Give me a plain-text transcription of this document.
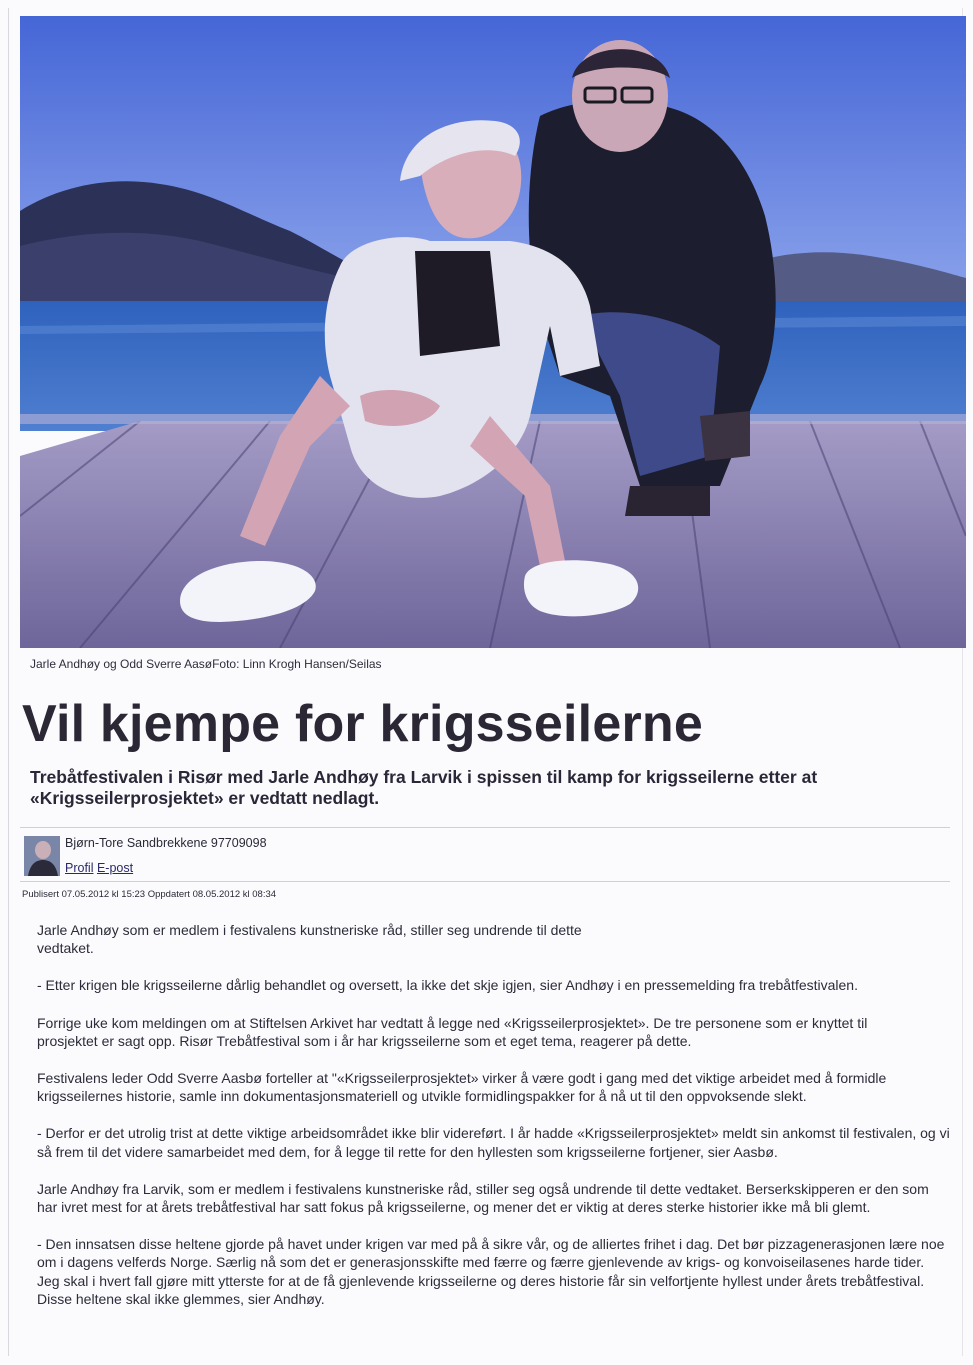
Jarle Andhøy og Odd Sverre AasøFoto: Linn Krogh Hansen/Seilas
Vil kjempe for krigsseilerne

Trebåtfestivalen i Risør med Jarle Andhøy fra Larvik i spissen til kamp for krigsseilerne etter at «Krigsseilerprosjektet» er vedtatt nedlagt.

Bjørn-Tore Sandbrekkene 97709098
Profil E-post
Publisert 07.05.2012 kl 15:23 Oppdatert 08.05.2012 kl 08:34

Jarle Andhøy som er medlem i festivalens kunstneriske råd, stiller seg undrende til dette vedtaket.

- Etter krigen ble krigsseilerne dårlig behandlet og oversett, la ikke det skje igjen, sier Andhøy i en pressemelding fra trebåtfestivalen.

Forrige uke kom meldingen om at Stiftelsen Arkivet har vedtatt å legge ned «Krigsseilerprosjektet». De tre personene som er knyttet til prosjektet er sagt opp. Risør Trebåtfestival som i år har krigsseilerne som et eget tema, reagerer på dette.

Festivalens leder Odd Sverre Aasbø forteller at "«Krigsseilerprosjektet» virker å være godt i gang med det viktige arbeidet med å formidle krigsseilernes historie, samle inn dokumentasjonsmateriell og utvikle formidlingspakker for å nå ut til den oppvoksende slekt.

- Derfor er det utrolig trist at dette viktige arbeidsområdet ikke blir videreført. I år hadde «Krigsseilerprosjektet» meldt sin ankomst til festivalen, og vi så frem til det videre samarbeidet med dem, for å legge til rette for den hyllesten som krigsseilerne fortjener, sier Aasbø.

Jarle Andhøy fra Larvik, som er medlem i festivalens kunstneriske råd, stiller seg også undrende til dette vedtaket. Berserkskipperen er den som har ivret mest for at årets trebåtfestival har satt fokus på krigsseilerne, og mener det er viktig at deres sterke historier ikke må bli glemt.

- Den innsatsen disse heltene gjorde på havet under krigen var med på å sikre vår, og de alliertes frihet i dag. Det bør pizzagenerasjonen lære noe om i dagens velferds Norge. Særlig nå som det er generasjonsskifte med færre og færre gjenlevende av krigs- og konvoiseilasenes harde tider. Jeg skal i hvert fall gjøre mitt ytterste for at de få gjenlevende krigsseilerne og deres historie får sin velfortjente hyllest under årets trebåtfestival. Disse heltene skal ikke glemmes, sier Andhøy.
